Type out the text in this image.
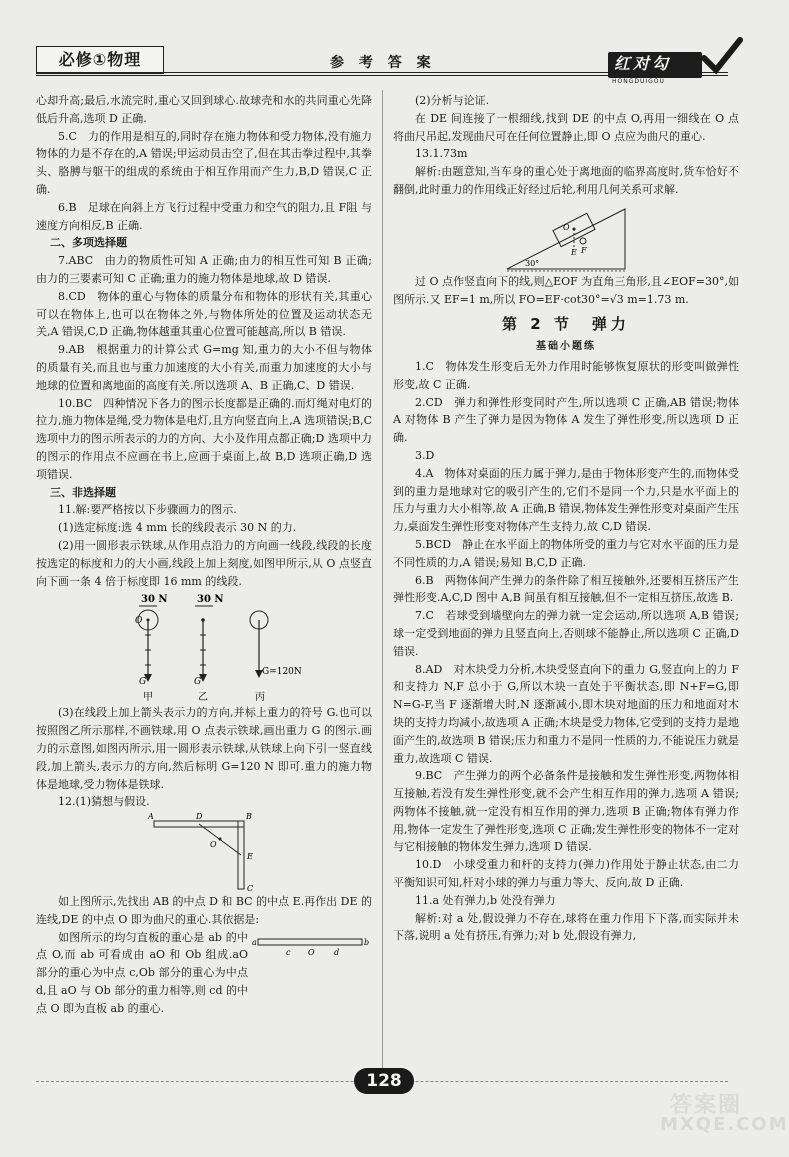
必修①物理	参 考 答 案	红对勾
HONGDUIGOU

心却升高;最后,水流完时,重心又回到球心.故球壳和水的共同重心先降低后升高,选项 D 正确.

5.C　力的作用是相互的,同时存在施力物体和受力物体,没有施力物体的力是不存在的,A 错误;甲运动员击空了,但在其击拳过程中,其拳头、胳膊与躯干的组成的系统由于相互作用而产生力,B,D 错误,C 正确.

6.B　足球在向斜上方飞行过程中受重力和空气的阻力,且 F阻 与速度方向相反,B 正确.

二、多项选择题

7.ABC　由力的物质性可知 A 正确;由力的相互性可知 B 正确;由力的三要素可知 C 正确;重力的施力物体是地球,故 D 错误.

8.CD　物体的重心与物体的质量分布和物体的形状有关,其重心可以在物体上,也可以在物体之外,与物体所处的位置及运动状态无关,A 错误,C,D 正确,物体越重其重心位置可能越高,所以 B 错误.

9.AB　根据重力的计算公式 G=mg 知,重力的大小不但与物体的质量有关,而且也与重力加速度的大小有关,而重力加速度的大小与地球的位置和离地面的高度有关.所以选项 A、B 正确,C、D 错误.

10.BC　四种情况下各力的图示长度都是正确的.而灯绳对电灯的拉力,施力物体是绳,受力物体是电灯,且方向竖直向上,A 选项错误;B,C 选项中力的图示所表示的力的方向、大小及作用点都正确;D 选项中力的图示的作用点不应画在书上,应画于桌面上,故 B,D 选项正确,D 选项错误.

三、非选择题

11.解:要严格按以下步骤画力的图示.

(1)选定标度:选 4 mm 长的线段表示 30 N 的力.

(2)用一圆形表示铁球,从作用点沿力的方向画一线段,线段的长度按选定的标度和力的大小画,线段上加上刻度,如图甲所示,从 O 点竖直向下画一条 4 倍于标度即 16 mm 的线段.

30 N
O
G
甲
30 N
G
乙
G=120N
丙

(3)在线段上加上箭头表示力的方向,并标上重力的符号 G.也可以按照图乙所示那样,不画铁球,用 O 点表示铁球,画出重力 G 的图示.画力的示意图,如图丙所示,用一圆形表示铁球,从铁球上向下引一竖直线段,加上箭头,表示力的方向,然后标明 G=120 N 即可.重力的施力物体是地球,受力物体是铁球.

12.(1)猜想与假设.

A	D	B
O
E
C

如上图所示,先找出 AB 的中点 D 和 BC 的中点 E.再作出 DE 的连线,DE 的中点 O 即为曲尺的重心.其依据是:

a
c O d
b

如图所示的均匀直板的重心是 ab 的中点 O,而 ab 可看成由 aO 和 Ob 组成.aO 部分的重心为中点 c,Ob 部分的重心为中点 d,且 aO 与 Ob 部分的重力相等,则 cd 的中点 O 即为直板 ab 的重心.

(2)分析与论证.

在 DE 间连接了一根细线,找到 DE 的中点 O,再用一细线在 O 点将曲尺吊起,发现曲尺可在任何位置静止,即 O 点应为曲尺的重心.

13.1.73m

解析:由题意知,当车身的重心处于离地面的临界高度时,货车恰好不翻倒,此时重力的作用线正好经过后轮,利用几何关系可求解.

30°
O
E F

过 O 点作竖直向下的线,则△EOF 为直角三角形,且∠EOF=30°,如图所示.又 EF=1 m,所以 FO=EF·cot30°=√3 m=1.73 m.

第 2 节　弹力
基础小题练

1.C　物体发生形变后无外力作用时能够恢复原状的形变叫做弹性形变,故 C 正确.

2.CD　弹力和弹性形变同时产生,所以选项 C 正确,AB 错误;物体 A 对物体 B 产生了弹力是因为物体 A 发生了弹性形变,所以选项 D 正确.

3.D

4.A　物体对桌面的压力属于弹力,是由于物体形变产生的,而物体受到的重力是地球对它的吸引产生的,它们不是同一个力,只是水平面上的压力与重力大小相等,故 A 正确,B 错误,物体发生弹性形变对桌面产生压力,桌面发生弹性形变对物体产生支持力,故 C,D 错误.

5.BCD　静止在水平面上的物体所受的重力与它对水平面的压力是不同性质的力,A 错误;易知 B,C,D 正确.

6.B　两物体间产生弹力的条件除了相互接触外,还要相互挤压产生弹性形变.A,C,D 图中 A,B 间虽有相互接触,但不一定相互挤压,故选 B.

7.C　若球受到墙壁向左的弹力就一定会运动,所以选项 A,B 错误;球一定受到地面的弹力且竖直向上,否则球不能静止,所以选项 C 正确,D 错误.

8.AD　对木块受力分析,木块受竖直向下的重力 G,竖直向上的力 F 和支持力 N,F 总小于 G,所以木块一直处于平衡状态,即 N+F=G,即 N=G-F,当 F 逐渐增大时,N 逐渐减小,即木块对地面的压力和地面对木块的支持力均减小,故选项 A 正确;木块是受力物体,它受到的支持力是地面产生的,故选项 B 错误;压力和重力不是同一性质的力,不能说压力就是重力,故选项 C 错误.

9.BC　产生弹力的两个必备条件是接触和发生弹性形变,两物体相互接触,若没有发生弹性形变,就不会产生相互作用的弹力,选项 A 错误;两物体不接触,就一定没有相互作用的弹力,选项 B 正确;物体有弹力作用,物体一定发生了弹性形变,选项 C 正确;发生弹性形变的物体不一定对与它相接触的物体发生弹力,选项 D 错误.

10.D　小球受重力和杆的支持力(弹力)作用处于静止状态,由二力平衡知识可知,杆对小球的弹力与重力等大、反向,故 D 正确.

11.a 处有弹力,b 处没有弹力

解析:对 a 处,假设弹力不存在,球将在重力作用下下落,而实际并未下落,说明 a 处有挤压,有弹力;对 b 处,假设有弹力,

128
答案圈
MXQE.COM
